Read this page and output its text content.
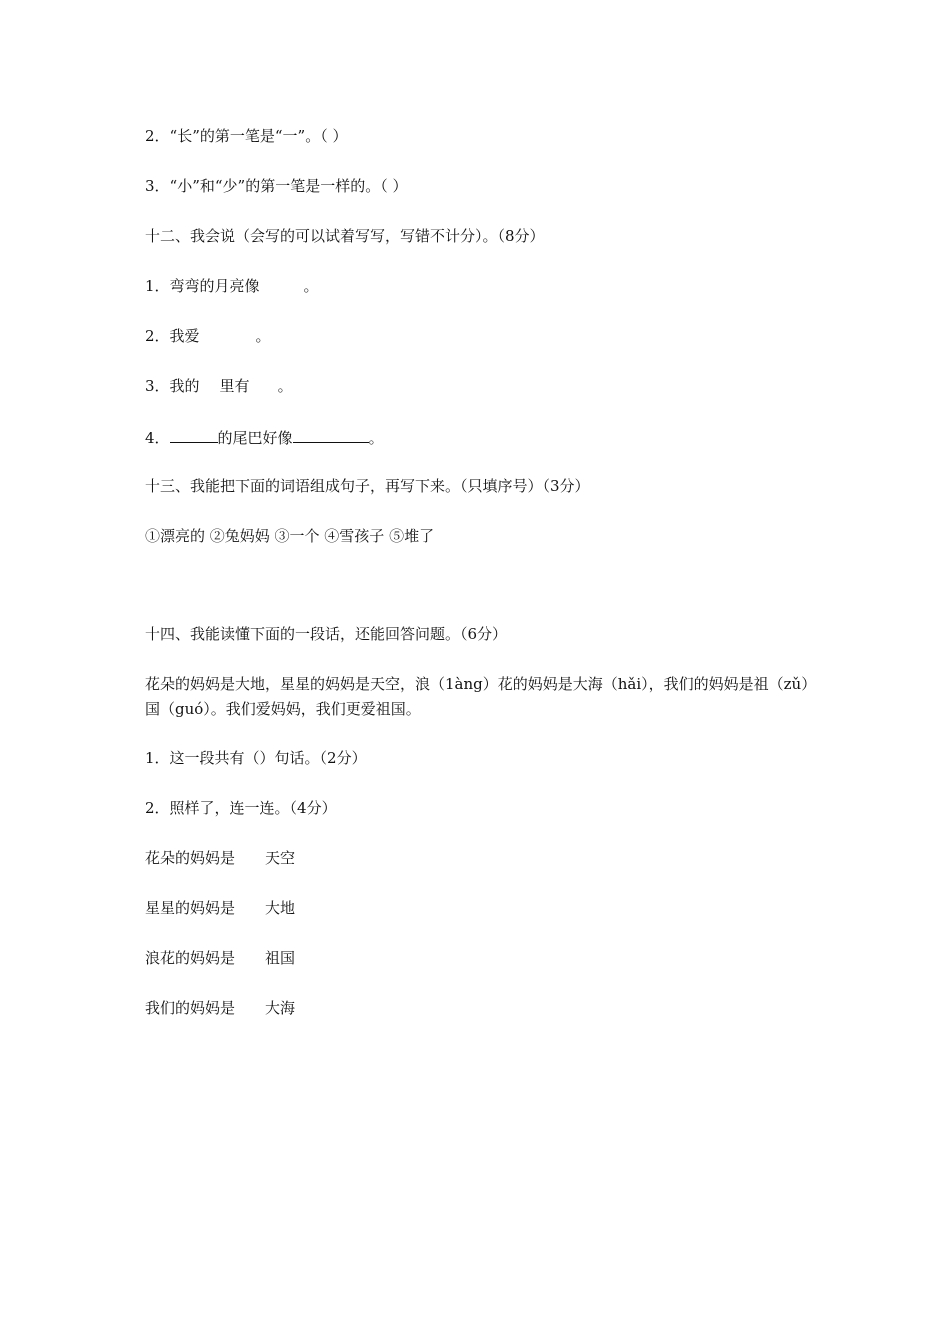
2．“长”的第一笔是“一”。（ ）
3．“小”和“少”的第一笔是一样的。（ ）
十二、我会说（会写的可以试着写写，写错不计分）。（8分）
1．弯弯的月亮像	。
2．我爱	。
3．我的 里有 。
4．	的尾巴好像	。
十三、我能把下面的词语组成句子，再写下来。（只填序号）（3分）
①漂亮的 ②兔妈妈 ③一个 ④雪孩子 ⑤堆了
十四、我能读懂下面的一段话，还能回答问题。（6分）
花朵的妈妈是大地，星星的妈妈是天空，浪（1àng）花的妈妈是大海（hǎi），我们的妈妈是祖（zǔ）国（guó）。我们爱妈妈，我们更爱祖国。
1．这一段共有（）句话。（2分）
2．照样了，连一连。（4分）
花朵的妈妈是 天空
星星的妈妈是 大地
浪花的妈妈是 祖国
我们的妈妈是 大海
